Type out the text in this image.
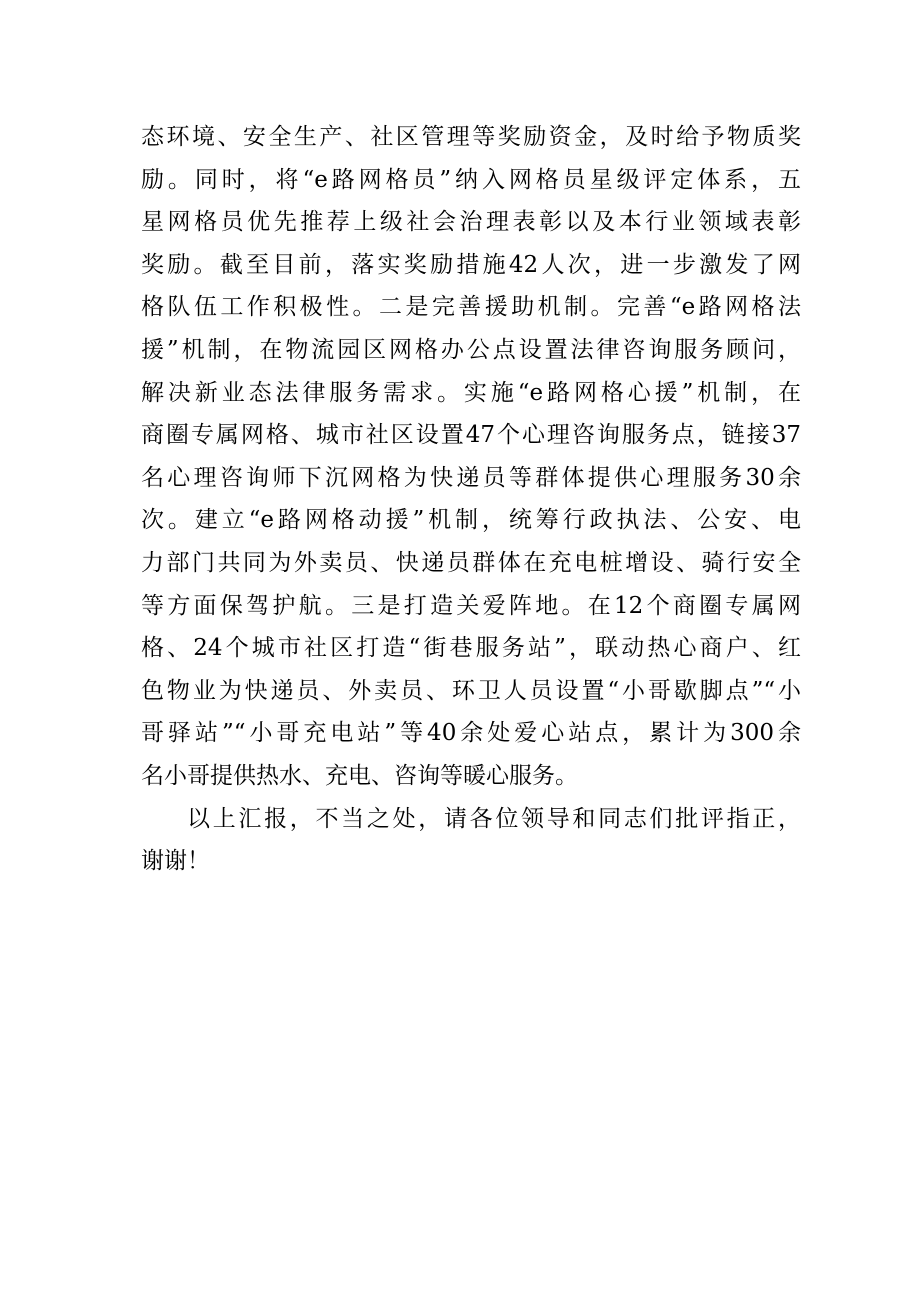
态环境、安全生产、社区管理等奖励资金，及时给予物质奖
励。同时，将“e路网格员”纳入网格员星级评定体系，五
星网格员优先推荐上级社会治理表彰以及本行业领域表彰
奖励。截至目前，落实奖励措施42人次，进一步激发了网
格队伍工作积极性。二是完善援助机制。完善“e路网格法
援”机制，在物流园区网格办公点设置法律咨询服务顾问，
解决新业态法律服务需求。实施“e路网格心援”机制，在
商圈专属网格、城市社区设置47个心理咨询服务点，链接37
名心理咨询师下沉网格为快递员等群体提供心理服务30余
次。建立“e路网格动援”机制，统筹行政执法、公安、电
力部门共同为外卖员、快递员群体在充电桩增设、骑行安全
等方面保驾护航。三是打造关爱阵地。在12个商圈专属网
格、24个城市社区打造“街巷服务站”，联动热心商户、红
色物业为快递员、外卖员、环卫人员设置“小哥歇脚点”“小
哥驿站”“小哥充电站”等40余处爱心站点，累计为300余
名小哥提供热水、充电、咨询等暖心服务。
以上汇报，不当之处，请各位领导和同志们批评指正，
谢谢！
